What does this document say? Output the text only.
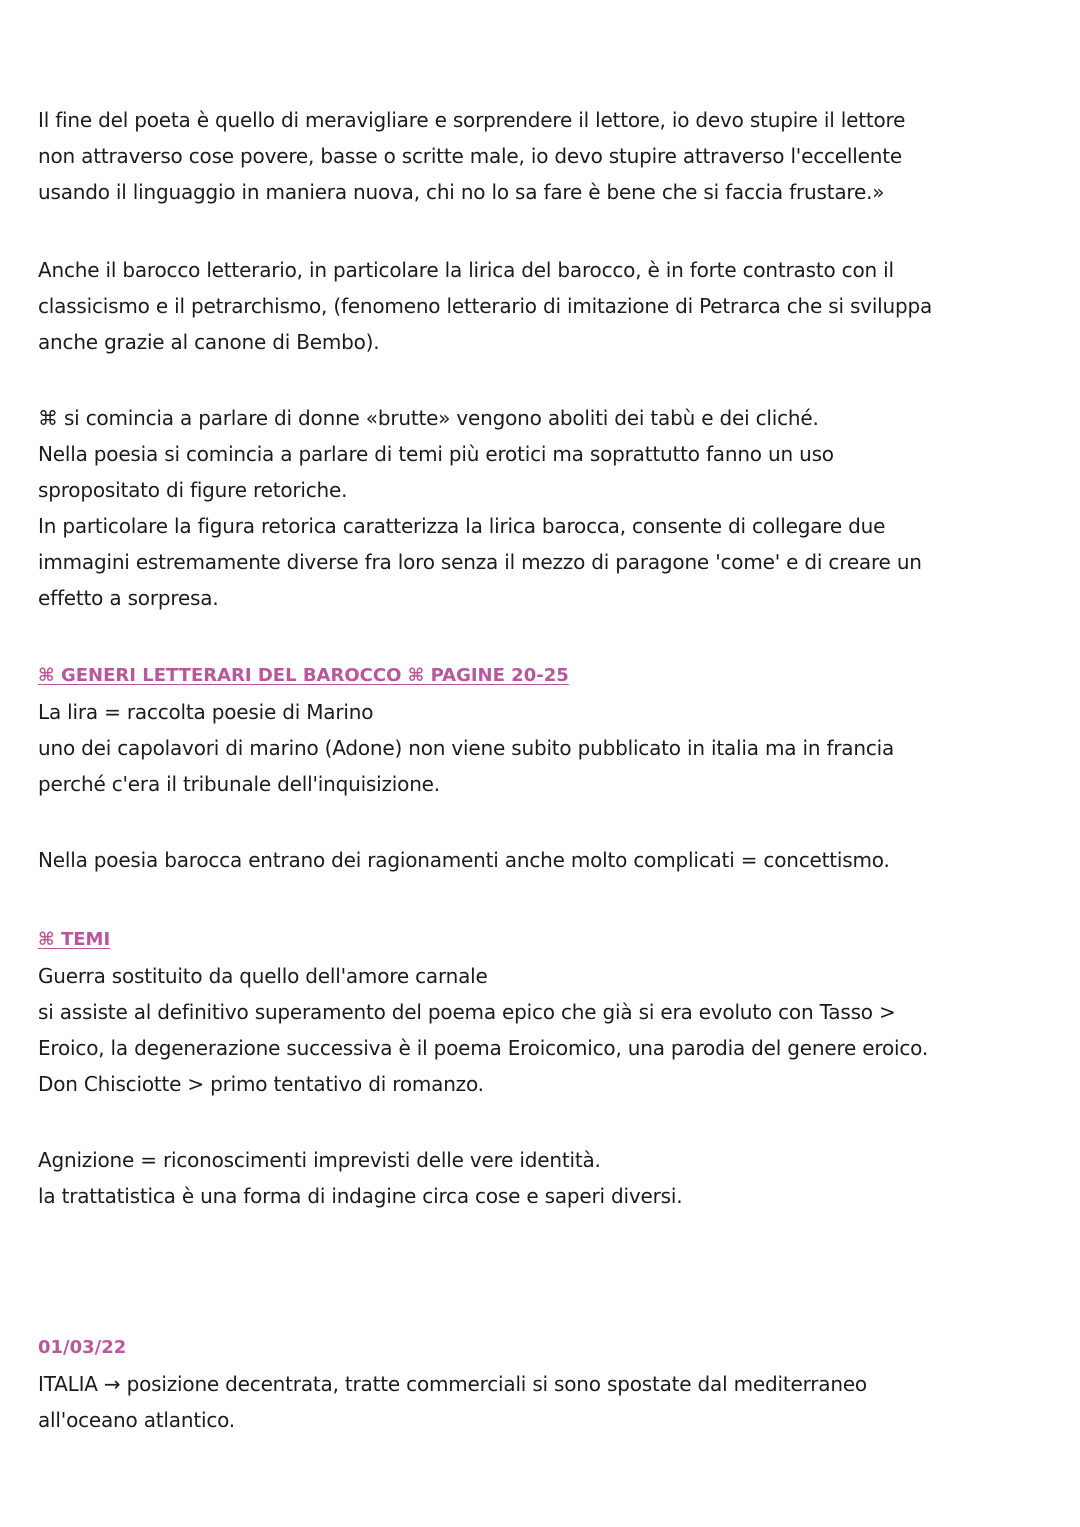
Il fine del poeta è quello di meravigliare e sorprendere il lettore, io devo stupire il lettore
non attraverso cose povere, basse o scritte male, io devo stupire attraverso l'eccellente
usando il linguaggio in maniera nuova, chi no lo sa fare è bene che si faccia frustare.»
Anche il barocco letterario, in particolare la lirica del barocco, è in forte contrasto con il
classicismo e il petrarchismo, (fenomeno letterario di imitazione di Petrarca che si sviluppa
anche grazie al canone di Bembo).
⌘ si comincia a parlare di donne «brutte» vengono aboliti dei tabù e dei cliché.
Nella poesia si comincia a parlare di temi più erotici ma soprattutto fanno un uso
spropositato di figure retoriche.
In particolare la figura retorica caratterizza la lirica barocca, consente di collegare due
immagini estremamente diverse fra loro senza il mezzo di paragone 'come' e di creare un
effetto a sorpresa.
⌘ GENERI LETTERARI DEL BAROCCO ⌘ PAGINE 20-25
La lira = raccolta poesie di Marino
uno dei capolavori di marino (Adone) non viene subito pubblicato in italia ma in francia
perché c'era il tribunale dell'inquisizione.
Nella poesia barocca entrano dei ragionamenti anche molto complicati = concettismo.
⌘ TEMI
Guerra sostituito da quello dell'amore carnale
si assiste al definitivo superamento del poema epico che già si era evoluto con Tasso >
Eroico, la degenerazione successiva è il poema Eroicomico, una parodia del genere eroico.
Don Chisciotte > primo tentativo di romanzo.
Agnizione = riconoscimenti imprevisti delle vere identità.
la trattatistica è una forma di indagine circa cose e saperi diversi.
01/03/22
ITALIA → posizione decentrata, tratte commerciali si sono spostate dal mediterraneo
all'oceano atlantico.
